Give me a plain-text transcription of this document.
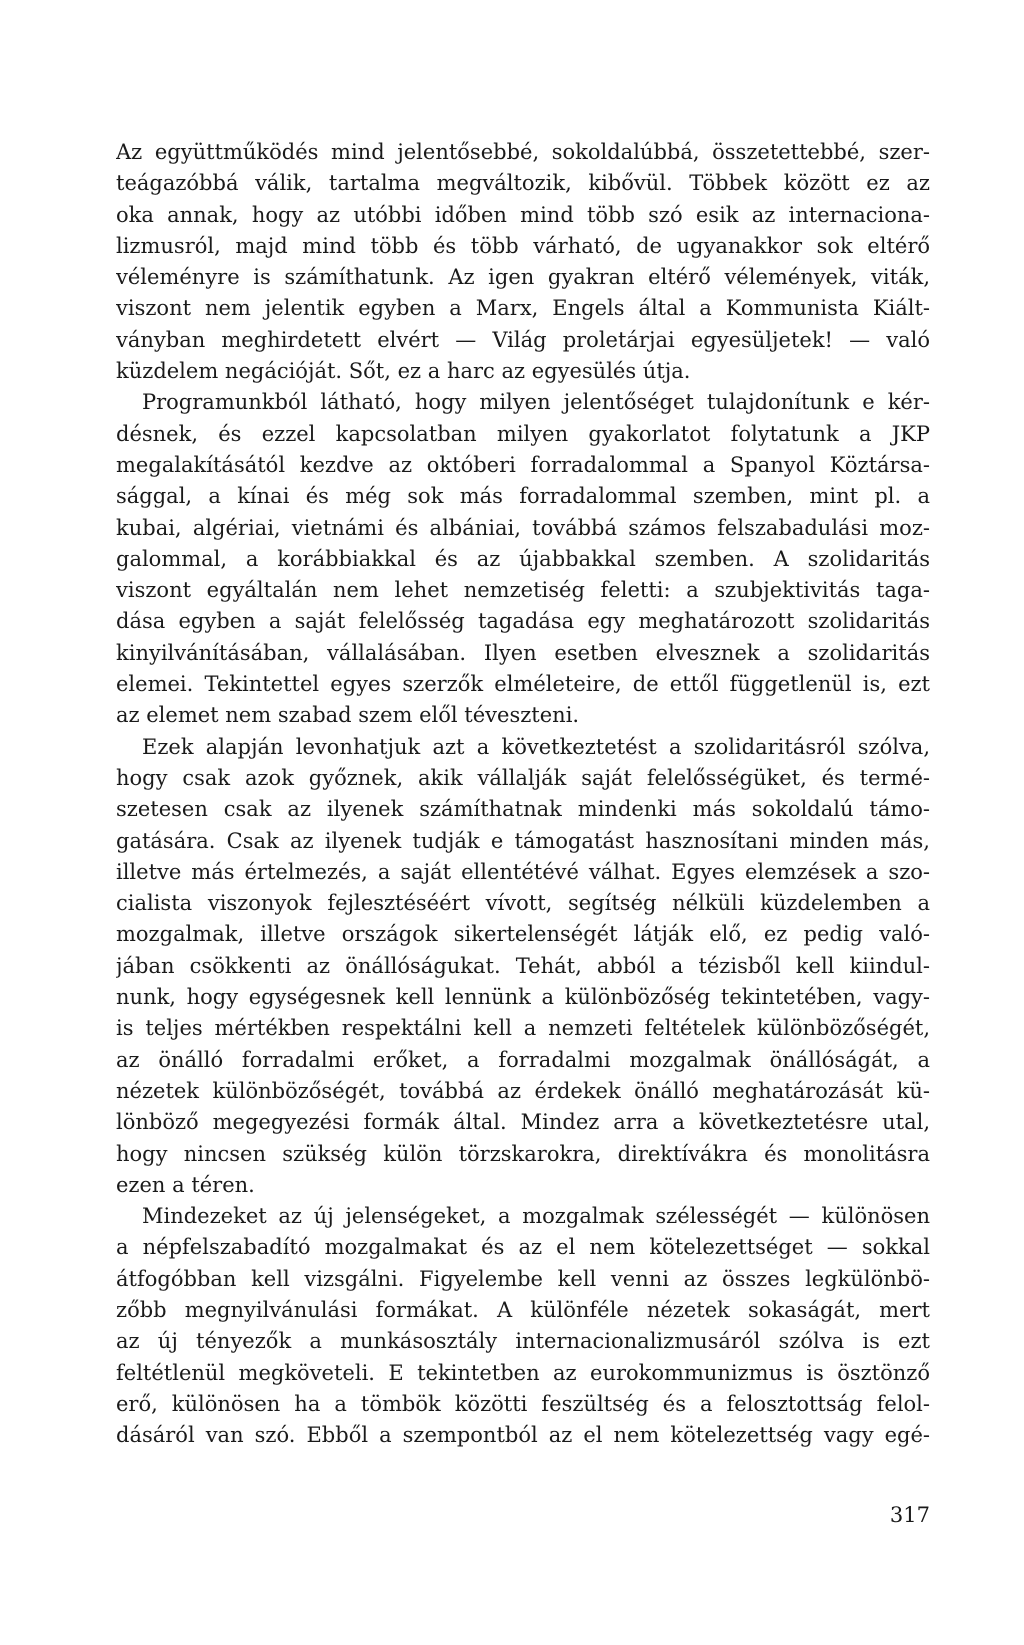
Az együttműködés mind jelentősebbé, sokoldalúbbá, összetettebbé, szer-
teágazóbbá válik, tartalma megváltozik, kibővül. Többek között ez az
oka annak, hogy az utóbbi időben mind több szó esik az internaciona-
lizmusról, majd mind több és több várható, de ugyanakkor sok eltérő
véleményre is számíthatunk. Az igen gyakran eltérő vélemények, viták,
viszont nem jelentik egyben a Marx, Engels által a Kommunista Kiált-
ványban meghirdetett elvért — Világ proletárjai egyesüljetek! — való
küzdelem negációját. Sőt, ez a harc az egyesülés útja.
Programunkból látható, hogy milyen jelentőséget tulajdonítunk e kér-
désnek, és ezzel kapcsolatban milyen gyakorlatot folytatunk a JKP
megalakításától kezdve az októberi forradalommal a Spanyol Köztársa-
sággal, a kínai és még sok más forradalommal szemben, mint pl. a
kubai, algériai, vietnámi és albániai, továbbá számos felszabadulási moz-
galommal, a korábbiakkal és az újabbakkal szemben. A szolidaritás
viszont egyáltalán nem lehet nemzetiség feletti: a szubjektivitás taga-
dása egyben a saját felelősség tagadása egy meghatározott szolidaritás
kinyilvánításában, vállalásában. Ilyen esetben elvesznek a szolidaritás
elemei. Tekintettel egyes szerzők elméleteire, de ettől függetlenül is, ezt
az elemet nem szabad szem elől téveszteni.
Ezek alapján levonhatjuk azt a következtetést a szolidaritásról szólva,
hogy csak azok győznek, akik vállalják saját felelősségüket, és termé-
szetesen csak az ilyenek számíthatnak mindenki más sokoldalú támo-
gatására. Csak az ilyenek tudják e támogatást hasznosítani minden más,
illetve más értelmezés, a saját ellentétévé válhat. Egyes elemzések a szo-
cialista viszonyok fejlesztéséért vívott, segítség nélküli küzdelemben a
mozgalmak, illetve országok sikertelenségét látják elő, ez pedig való-
jában csökkenti az önállóságukat. Tehát, abból a tézisből kell kiindul-
nunk, hogy egységesnek kell lennünk a különbözőség tekintetében, vagy-
is teljes mértékben respektálni kell a nemzeti feltételek különbözőségét,
az önálló forradalmi erőket, a forradalmi mozgalmak önállóságát, a
nézetek különbözőségét, továbbá az érdekek önálló meghatározását kü-
lönböző megegyezési formák által. Mindez arra a következtetésre utal,
hogy nincsen szükség külön törzskarokra, direktívákra és monolitásra
ezen a téren.
Mindezeket az új jelenségeket, a mozgalmak szélességét — különösen
a népfelszabadító mozgalmakat és az el nem kötelezettséget — sokkal
átfogóbban kell vizsgálni. Figyelembe kell venni az összes legkülönbö-
zőbb megnyilvánulási formákat. A különféle nézetek sokaságát, mert
az új tényezők a munkásosztály internacionalizmusáról szólva is ezt
feltétlenül megköveteli. E tekintetben az eurokommunizmus is ösztönző
erő, különösen ha a tömbök közötti feszültség és a felosztottság felol-
dásáról van szó. Ebből a szempontból az el nem kötelezettség vagy egé-
317
